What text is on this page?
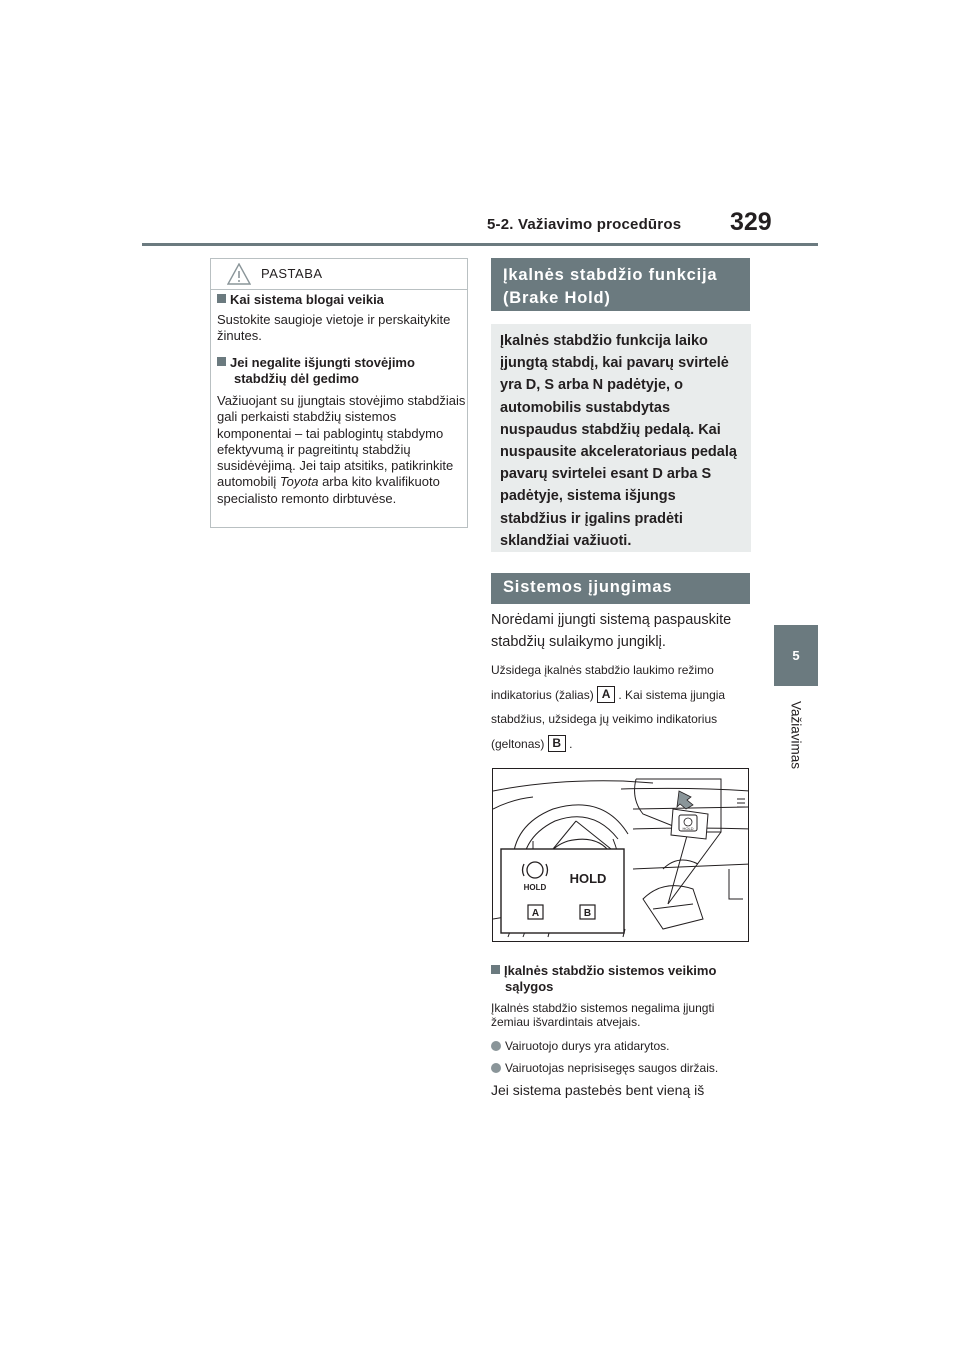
5-2. Važiavimo procedūros 329
5
Važiavimas
PASTABA
Kai sistema blogai veikia
Sustokite saugioje vietoje ir perskaitykite žinutes.
Jei negalite išjungti stovėjimo
stabdžių dėl gedimo
Važiuojant su įjungtais stovėjimo stabdžiais gali perkaisti stabdžių sistemos komponentai – tai pablogintų stabdymo efektyvumą ir pagreitintų stabdžių susidėvėjimą. Jei taip atsitiks, patikrinkite automobilį Toyota arba kito kvalifikuoto specialisto remonto dirbtuvėse.
Įkalnės stabdžio funkcija (Brake Hold)
Įkalnės stabdžio funkcija laiko įjungtą stabdį, kai pavarų svirtelė yra D, S arba N padėtyje, o automobilis sustabdytas nuspaudus stabdžių pedalą. Kai nuspausite akceleratoriaus pedalą pavarų svirtelei esant D arba S padėtyje, sistema išjungs stabdžius ir įgalins pradėti sklandžiai važiuoti.
Sistemos įjungimas
Norėdami įjungti sistemą paspauskite stabdžių sulaikymo jungiklį.
Užsidega įkalnės stabdžio laukimo režimo indikatorius (žalias) A . Kai sistema įjungia stabdžius, užsidega jų veikimo indikatorius (geltonas) B .
HOLD
HOLD
HOLD
A	B
Įkalnės stabdžio sistemos veikimo
sąlygos
Įkalnės stabdžio sistemos negalima įjungti žemiau išvardintais atvejais.
Vairuotojo durys yra atidarytos.
Vairuotojas neprisisegęs saugos diržais.
Jei sistema pastebės bent vieną iš
